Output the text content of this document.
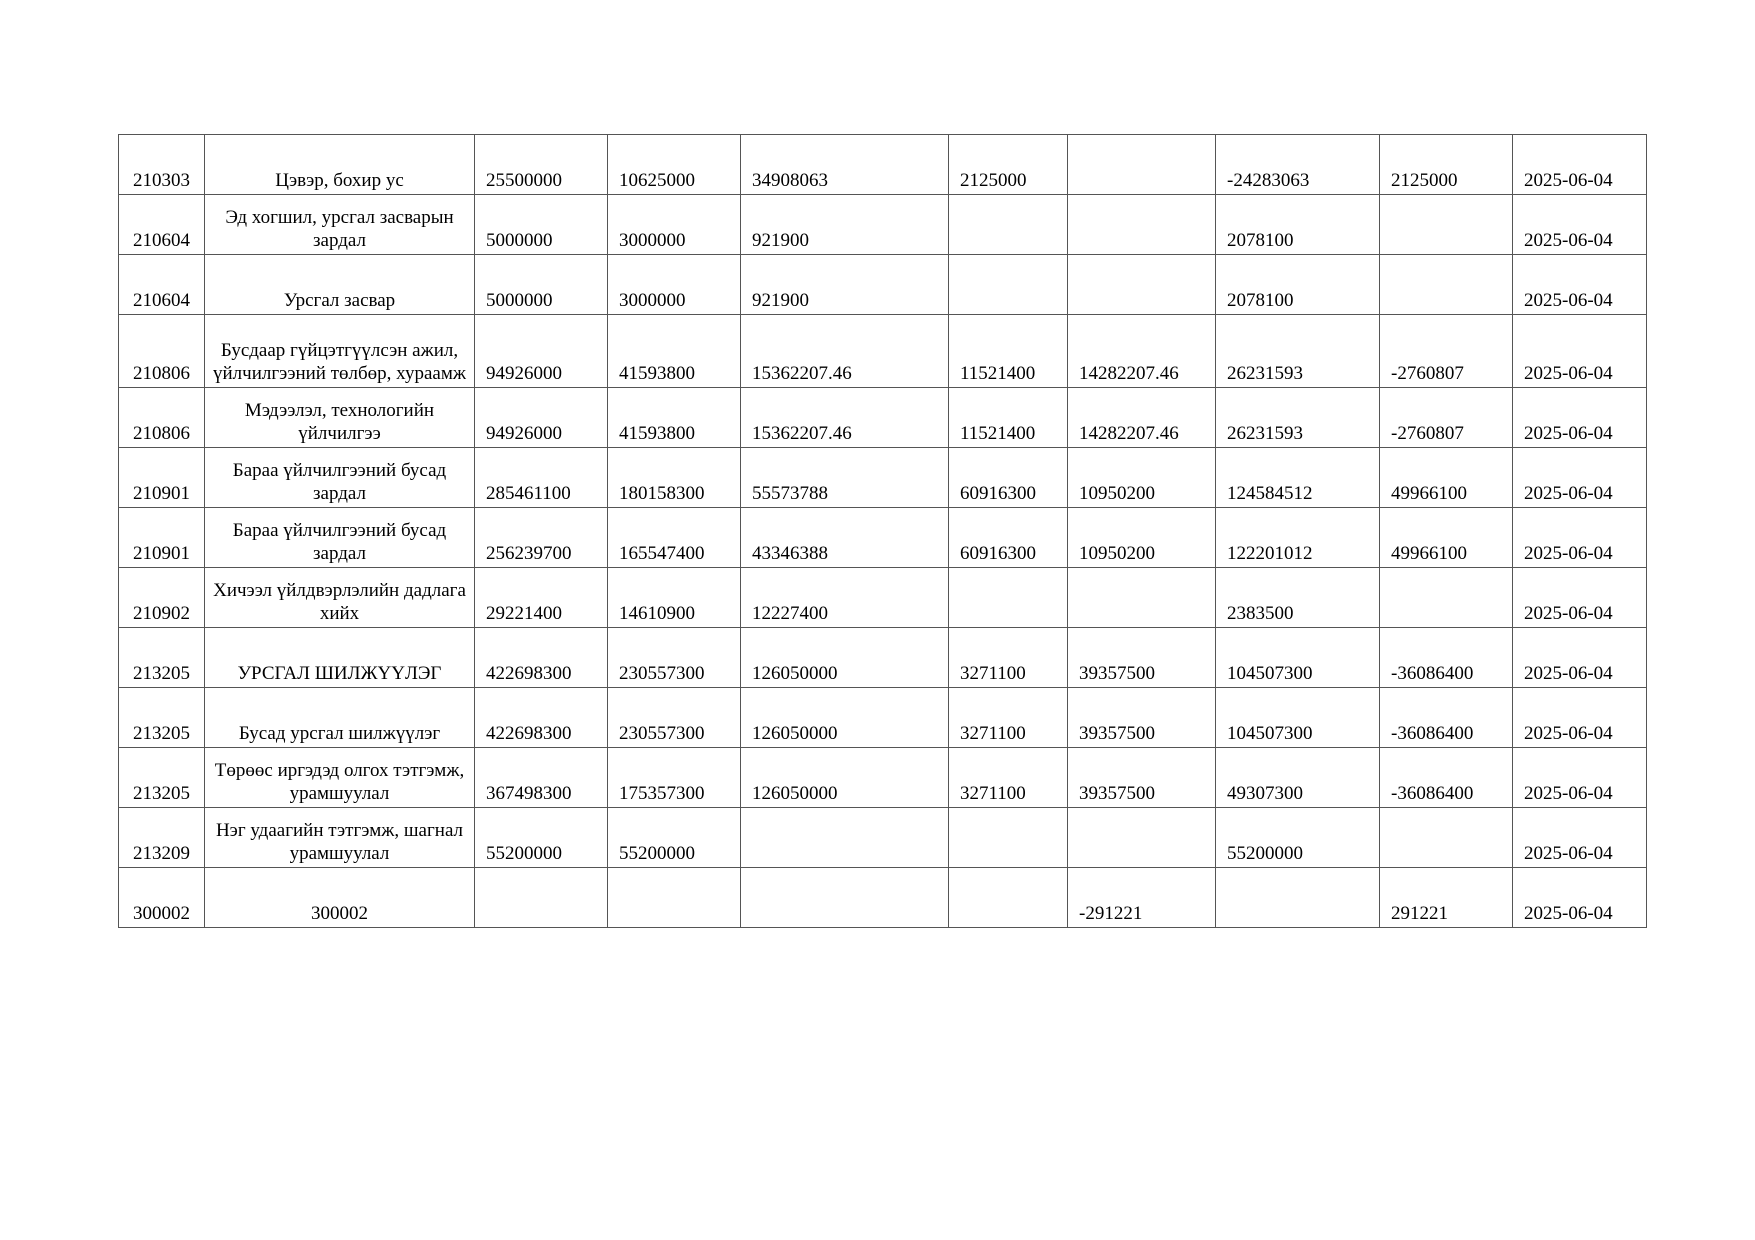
210303	Цэвэр, бохир ус	25500000	10625000	34908063	2125000		-24283063	2125000	2025-06-04
210604	Эд хогшил, урсгал засварын зардал	5000000	3000000	921900			2078100		2025-06-04
210604	Урсгал засвар	5000000	3000000	921900			2078100		2025-06-04
210806	Бусдаар гүйцэтгүүлсэн ажил, үйлчилгээний төлбөр, хураамж	94926000	41593800	15362207.46	11521400	14282207.46	26231593	-2760807	2025-06-04
210806	Мэдээлэл, технологийн үйлчилгээ	94926000	41593800	15362207.46	11521400	14282207.46	26231593	-2760807	2025-06-04
210901	Бараа үйлчилгээний бусад зардал	285461100	180158300	55573788	60916300	10950200	124584512	49966100	2025-06-04
210901	Бараа үйлчилгээний бусад зардал	256239700	165547400	43346388	60916300	10950200	122201012	49966100	2025-06-04
210902	Хичээл үйлдвэрлэлийн дадлага хийх	29221400	14610900	12227400			2383500		2025-06-04
213205	УРСГАЛ ШИЛЖҮҮЛЭГ	422698300	230557300	126050000	3271100	39357500	104507300	-36086400	2025-06-04
213205	Бусад урсгал шилжүүлэг	422698300	230557300	126050000	3271100	39357500	104507300	-36086400	2025-06-04
213205	Төрөөс иргэдэд олгох тэтгэмж, урамшуулал	367498300	175357300	126050000	3271100	39357500	49307300	-36086400	2025-06-04
213209	Нэг удаагийн тэтгэмж, шагнал урамшуулал	55200000	55200000				55200000		2025-06-04
300002	300002					-291221		291221	2025-06-04
